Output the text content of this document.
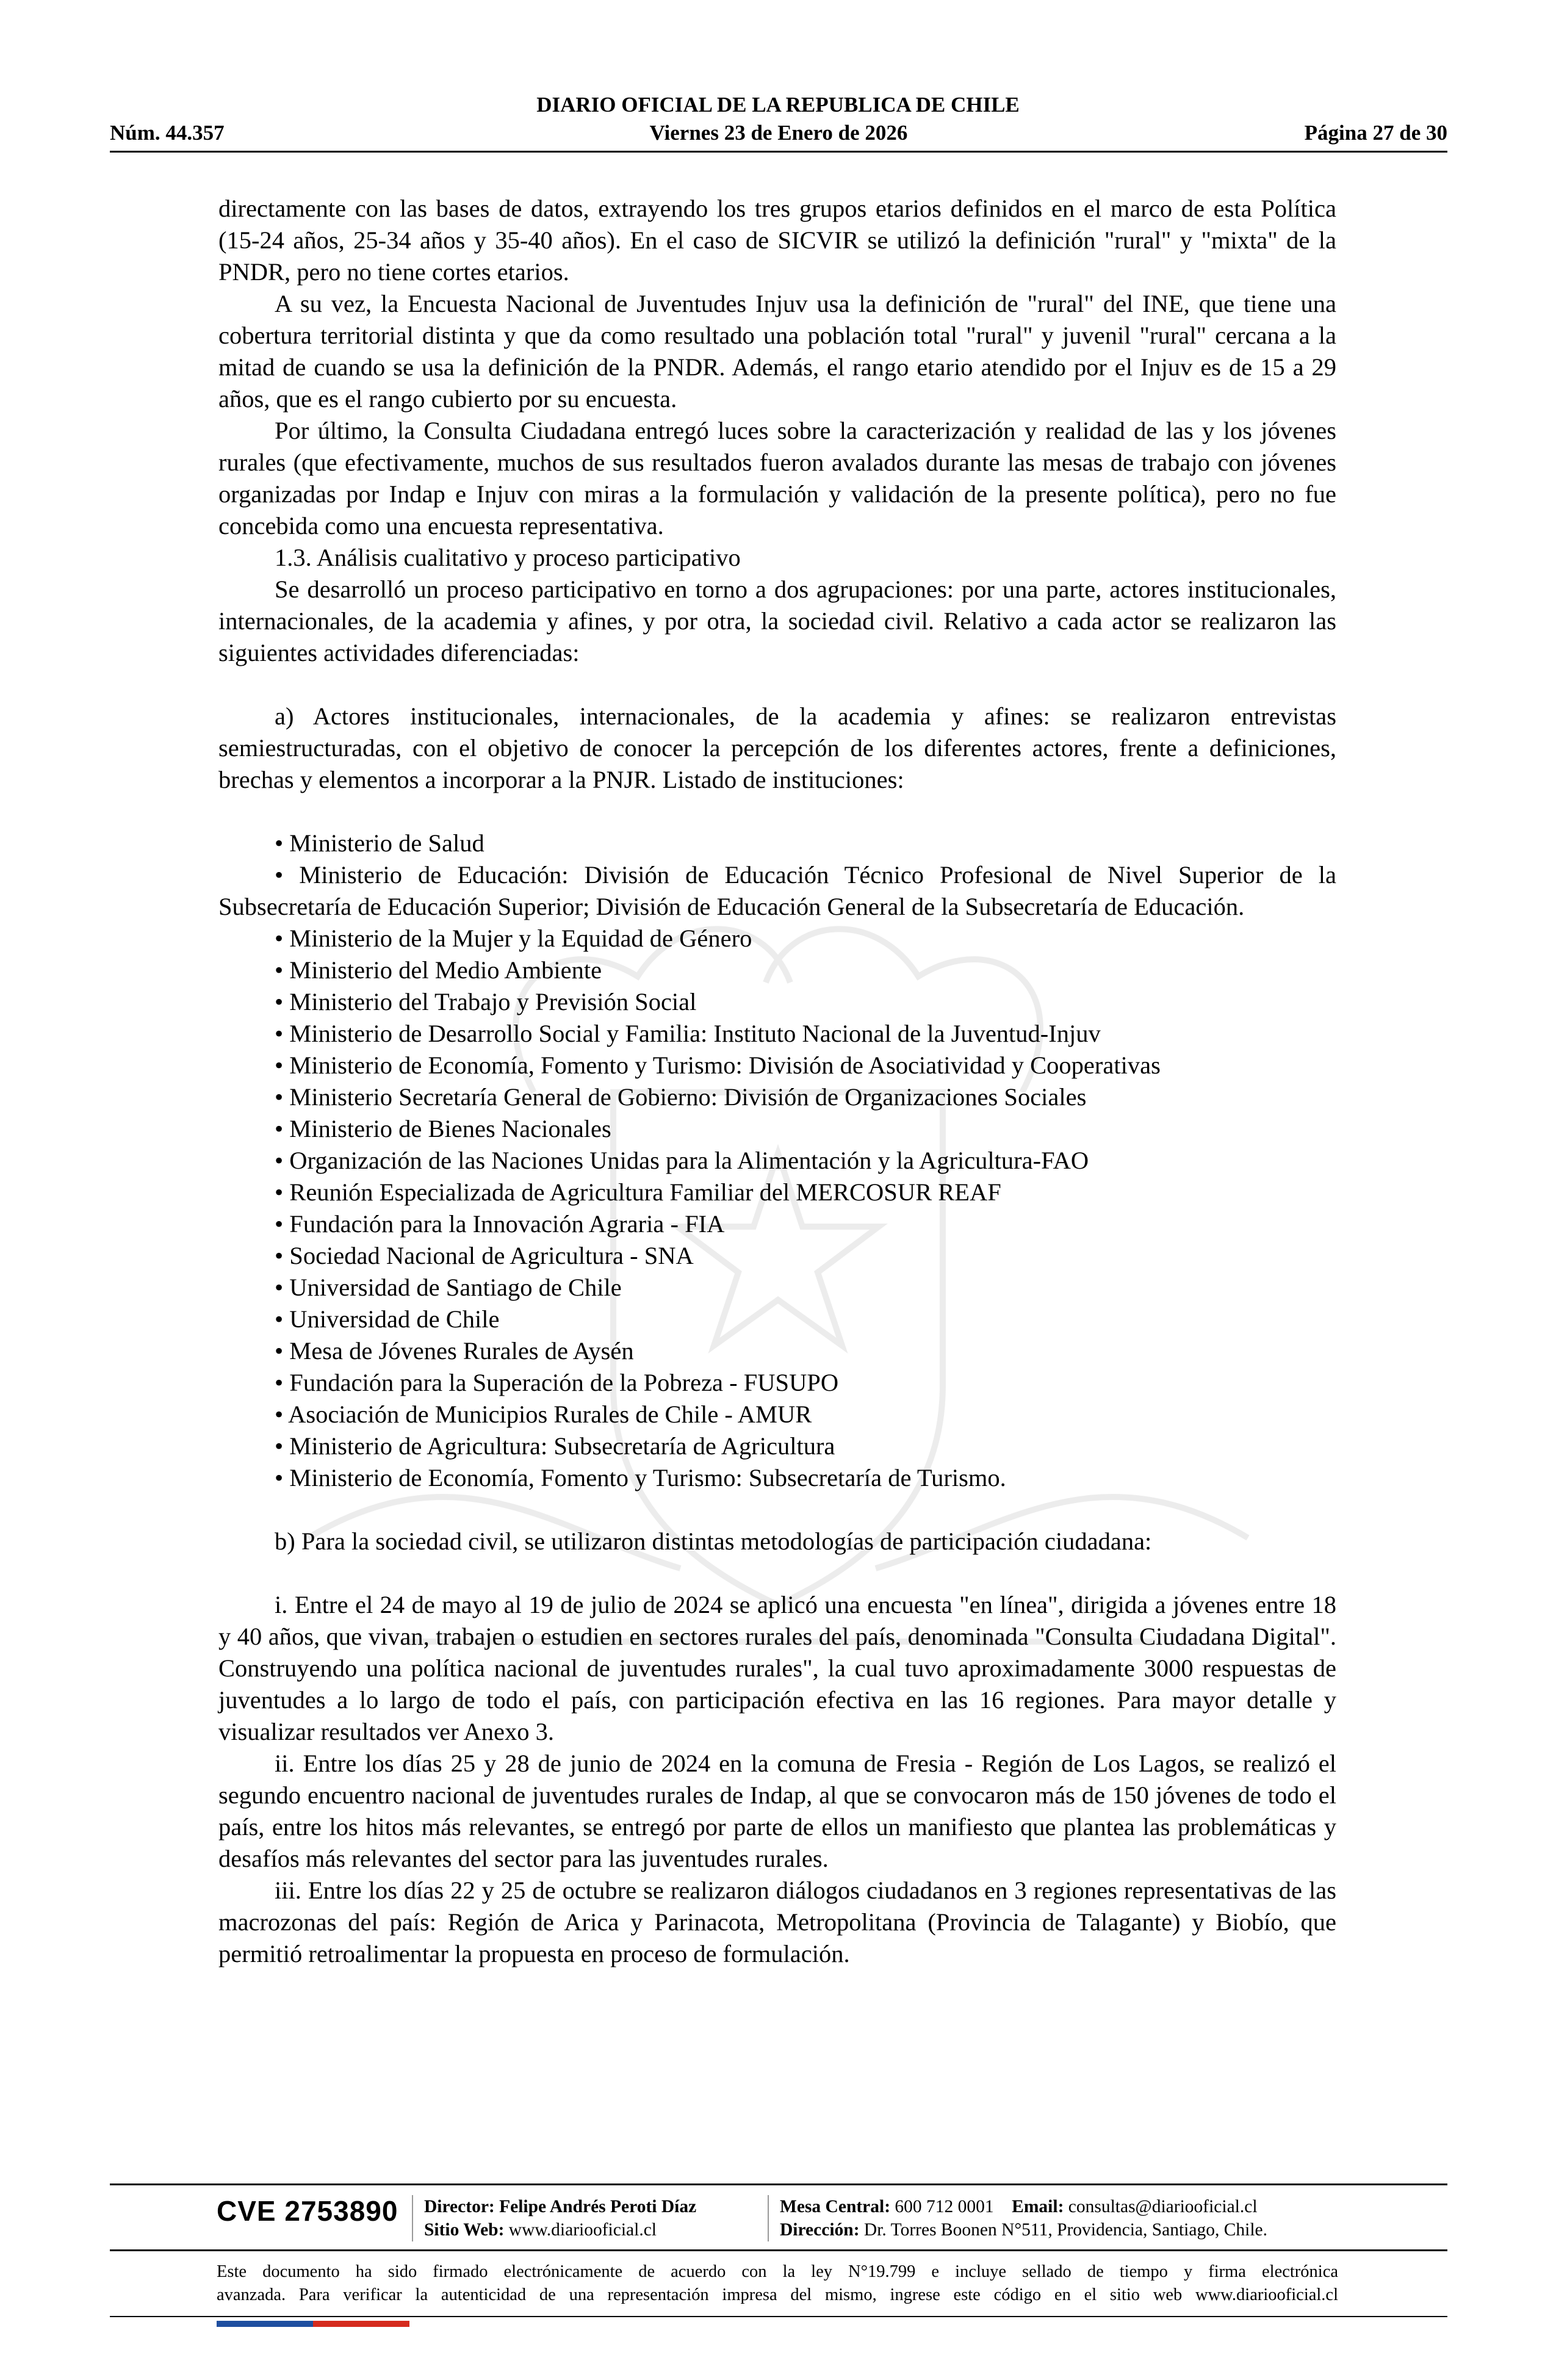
DIARIO OFICIAL DE LA REPUBLICA DE CHILE
Núm. 44.357	Viernes 23 de Enero de 2026	Página 27 de 30

directamente con las bases de datos, extrayendo los tres grupos etarios definidos en el marco de esta Política (15-24 años, 25-34 años y 35-40 años). En el caso de SICVIR se utilizó la definición "rural" y "mixta" de la PNDR, pero no tiene cortes etarios.

A su vez, la Encuesta Nacional de Juventudes Injuv usa la definición de "rural" del INE, que tiene una cobertura territorial distinta y que da como resultado una población total "rural" y juvenil "rural" cercana a la mitad de cuando se usa la definición de la PNDR. Además, el rango etario atendido por el Injuv es de 15 a 29 años, que es el rango cubierto por su encuesta.

Por último, la Consulta Ciudadana entregó luces sobre la caracterización y realidad de las y los jóvenes rurales (que efectivamente, muchos de sus resultados fueron avalados durante las mesas de trabajo con jóvenes organizadas por Indap e Injuv con miras a la formulación y validación de la presente política), pero no fue concebida como una encuesta representativa.

1.3. Análisis cualitativo y proceso participativo

Se desarrolló un proceso participativo en torno a dos agrupaciones: por una parte, actores institucionales, internacionales, de la academia y afines, y por otra, la sociedad civil. Relativo a cada actor se realizaron las siguientes actividades diferenciadas:

a) Actores institucionales, internacionales, de la academia y afines: se realizaron entrevistas semiestructuradas, con el objetivo de conocer la percepción de los diferentes actores, frente a definiciones, brechas y elementos a incorporar a la PNJR. Listado de instituciones:

• Ministerio de Salud

• Ministerio de Educación: División de Educación Técnico Profesional de Nivel Superior de la Subsecretaría de Educación Superior; División de Educación General de la Subsecretaría de Educación.

• Ministerio de la Mujer y la Equidad de Género

• Ministerio del Medio Ambiente

• Ministerio del Trabajo y Previsión Social

• Ministerio de Desarrollo Social y Familia: Instituto Nacional de la Juventud-Injuv

• Ministerio de Economía, Fomento y Turismo: División de Asociatividad y Cooperativas

• Ministerio Secretaría General de Gobierno: División de Organizaciones Sociales

• Ministerio de Bienes Nacionales

• Organización de las Naciones Unidas para la Alimentación y la Agricultura-FAO

• Reunión Especializada de Agricultura Familiar del MERCOSUR REAF

• Fundación para la Innovación Agraria - FIA

• Sociedad Nacional de Agricultura - SNA

• Universidad de Santiago de Chile

• Universidad de Chile

• Mesa de Jóvenes Rurales de Aysén

• Fundación para la Superación de la Pobreza - FUSUPO

• Asociación de Municipios Rurales de Chile - AMUR

• Ministerio de Agricultura: Subsecretaría de Agricultura

• Ministerio de Economía, Fomento y Turismo: Subsecretaría de Turismo.

b) Para la sociedad civil, se utilizaron distintas metodologías de participación ciudadana:

i. Entre el 24 de mayo al 19 de julio de 2024 se aplicó una encuesta "en línea", dirigida a jóvenes entre 18 y 40 años, que vivan, trabajen o estudien en sectores rurales del país, denominada "Consulta Ciudadana Digital". Construyendo una política nacional de juventudes rurales", la cual tuvo aproximadamente 3000 respuestas de juventudes a lo largo de todo el país, con participación efectiva en las 16 regiones. Para mayor detalle y visualizar resultados ver Anexo 3.

ii. Entre los días 25 y 28 de junio de 2024 en la comuna de Fresia - Región de Los Lagos, se realizó el segundo encuentro nacional de juventudes rurales de Indap, al que se convocaron más de 150 jóvenes de todo el país, entre los hitos más relevantes, se entregó por parte de ellos un manifiesto que plantea las problemáticas y desafíos más relevantes del sector para las juventudes rurales.

iii. Entre los días 22 y 25 de octubre se realizaron diálogos ciudadanos en 3 regiones representativas de las macrozonas del país: Región de Arica y Parinacota, Metropolitana (Provincia de Talagante) y Biobío, que permitió retroalimentar la propuesta en proceso de formulación.

CVE 2753890 Director: Felipe Andrés Peroti Díaz
Sitio Web: www.diariooficial.cl
Mesa Central: 600 712 0001 Email: consultas@diariooficial.cl
Dirección: Dr. Torres Boonen N°511, Providencia, Santiago, Chile.
Este documento ha sido firmado electrónicamente de acuerdo con la ley N°19.799 e incluye sellado de tiempo y firma electrónica
avanzada. Para verificar la autenticidad de una representación impresa del mismo, ingrese este código en el sitio web www.diariooficial.cl
